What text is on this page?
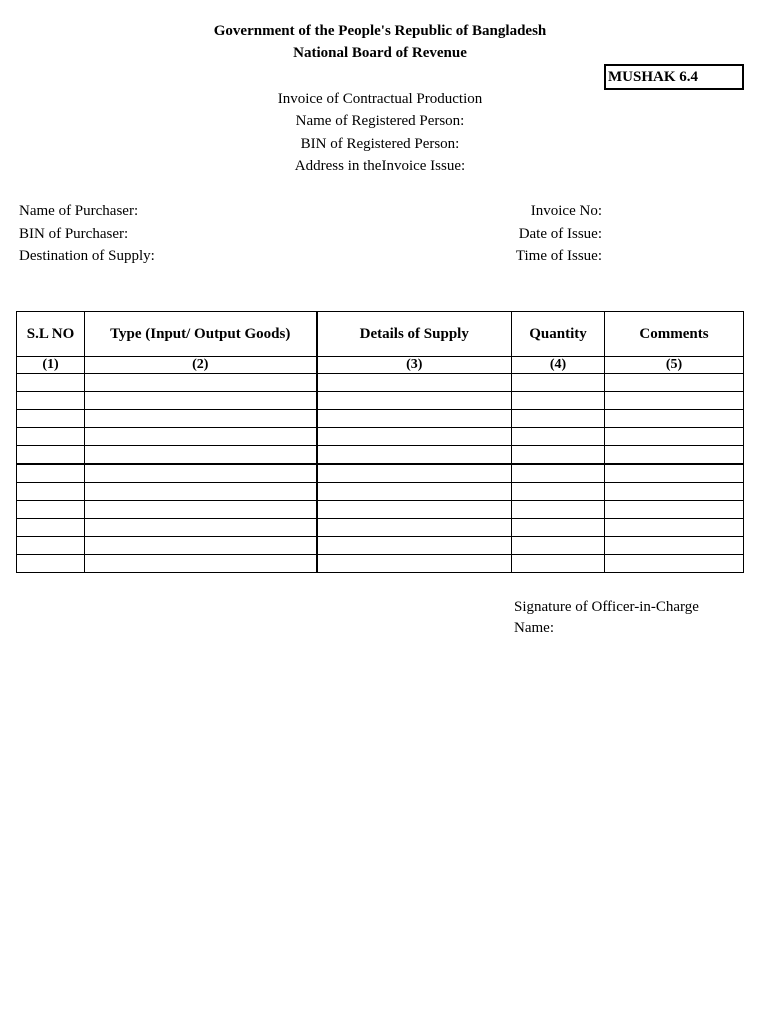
Government of the People's Republic of Bangladesh
National Board of Revenue
MUSHAK 6.4
Invoice of Contractual Production
Name of Registered Person:
BIN of Registered Person:
Address in theInvoice Issue:
Name of Purchaser:
BIN of Purchaser:
Destination of Supply:
Invoice No:
Date of Issue:
Time of Issue:
S.L NO	Type (Input/ Output Goods)	Details of Supply	Quantity	Comments
(1)	(2)	(3)	(4)	(5)

Signature of Officer-in-Charge
Name:
